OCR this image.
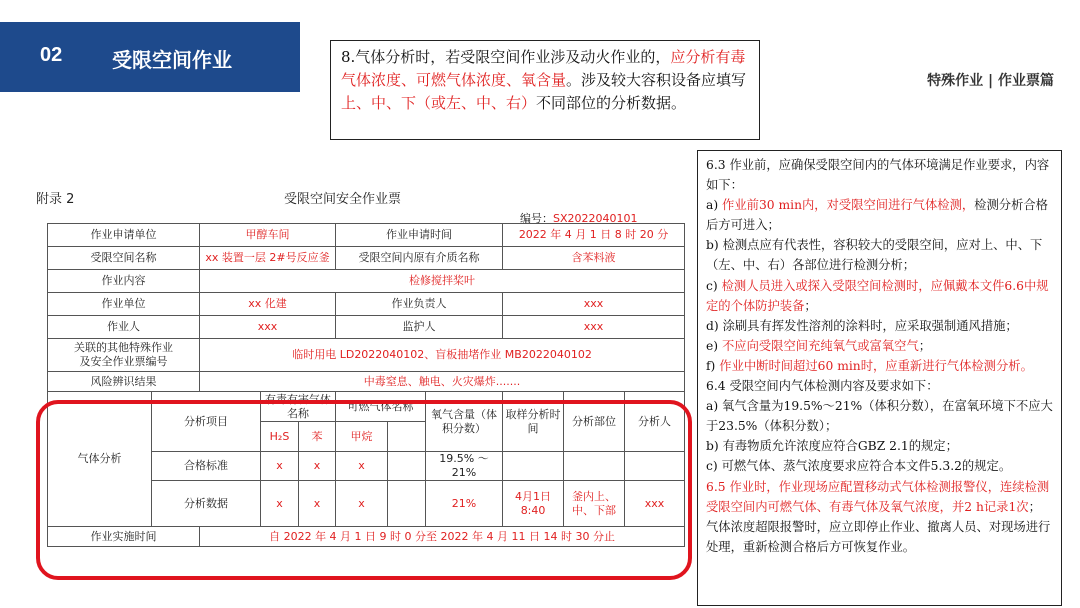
02 受限空间作业
特殊作业 | 作业票篇
8.气体分析时，若受限空间作业涉及动火作业的，应分析有毒气体浓度、可燃气体浓度、氧含量。涉及较大容积设备应填写上、中、下（或左、中、右）不同部位的分析数据。
6.3 作业前，应确保受限空间内的气体环境满足作业要求，内容如下：
a) 作业前30 min内，对受限空间进行气体检测，检测分析合格后方可进入；
b) 检测点应有代表性，容积较大的受限空间，应对上、中、下（左、中、右）各部位进行检测分析；
c) 检测人员进入或探入受限空间检测时，应佩戴本文件6.6中规定的个体防护装备；
d) 涂刷具有挥发性溶剂的涂料时，应采取强制通风措施；
e) 不应向受限空间充纯氧气或富氧空气；
f) 作业中断时间超过60 min时，应重新进行气体检测分析。
6.4 受限空间内气体检测内容及要求如下：
a) 氧气含量为19.5%～21%（体积分数），在富氧环境下不应大于23.5%（体积分数）；
b) 有毒物质允许浓度应符合GBZ 2.1的规定；
c) 可燃气体、蒸气浓度要求应符合本文件5.3.2的规定。
6.5 作业时，作业现场应配置移动式气体检测报警仪，连续检测受限空间内可燃气体、有毒气体及氧气浓度，并2 h记录1次；气体浓度超限报警时，应立即停止作业、撤离人员、对现场进行处理，重新检测合格后方可恢复作业。
附录 2	受限空间安全作业票
编号：SX2022040101
作业申请单位		甲醇车间			作业申请时间			2022 年 4 月 1 日 8 时 20 分		
受限空间名称		xx 装置一层 2#号反应釜			受限空间内原有介质名称			含苯料液		
作业内容		检修搅拌桨叶								
作业单位		xx 化建			作业负责人			xxx		
作业人		xxx			监护人			xxx		
关联的其他特殊作业
及安全作业票编号		临时用电 LD2022040102、盲板抽堵作业 MB2022040102								
风险辨识结果		中毒窒息、触电、火灾爆炸.......								
气体分析	分析项目		有毒有害气体名称		可燃气体名称		氧气含量（体积分数）	取样分析时间	分析部位	分析人
			H₂S	苯	甲烷					
	合格标准		x	x	x		19.5% ～ 21%			
	分析数据		x	x	x		21%	4月1日 8:40	釜内上、中、下部	xxx
作业实施时间		自 2022 年 4 月 1 日 9 时 0 分至 2022 年 4 月 11 日 14 时 30 分止								
